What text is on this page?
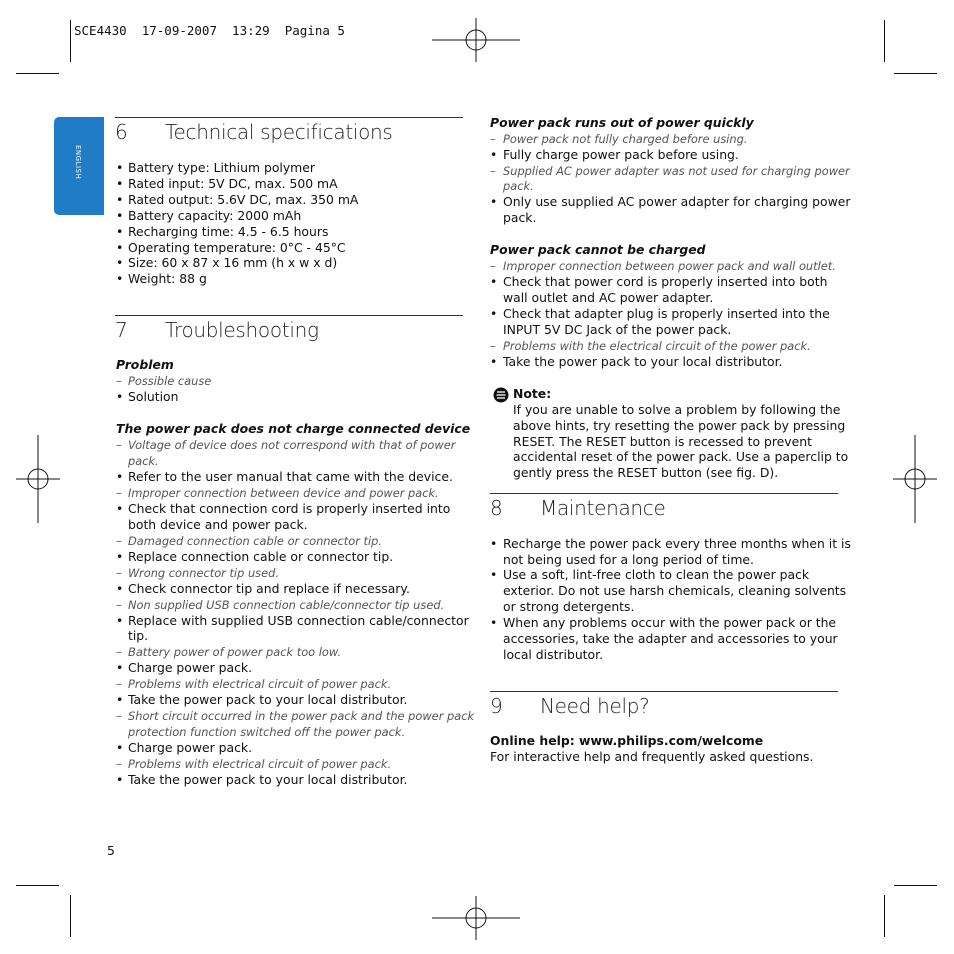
SCE4430  17-09-2007  13:29  Pagina 5
ENGLISH
5
6 Technical specifications
• Battery type: Lithium polymer
• Rated input: 5V DC, max. 500 mA
• Rated output: 5.6V DC, max. 350 mA
• Battery capacity: 2000 mAh
• Recharging time: 4.5 - 6.5 hours
• Operating temperature: 0°C - 45°C
• Size: 60 x 87 x 16 mm (h x w x d)
• Weight: 88 g
7 Troubleshooting
Problem
– Possible cause
• Solution
The power pack does not charge connected device
– Voltage of device does not correspond with that of power
pack.
• Refer to the user manual that came with the device.
– Improper connection between device and power pack.
• Check that connection cord is properly inserted into
both device and power pack.
– Damaged connection cable or connector tip.
• Replace connection cable or connector tip.
– Wrong connector tip used.
• Check connector tip and replace if necessary.
– Non supplied USB connection cable/connector tip used.
• Replace with supplied USB connection cable/connector
tip.
– Battery power of power pack too low.
• Charge power pack.
– Problems with electrical circuit of power pack.
• Take the power pack to your local distributor.
– Short circuit occurred in the power pack and the power pack
protection function switched off the power pack.
• Charge power pack.
– Problems with electrical circuit of power pack.
• Take the power pack to your local distributor.
Power pack runs out of power quickly
– Power pack not fully charged before using.
• Fully charge power pack before using.
– Supplied AC power adapter was not used for charging power
pack.
• Only use supplied AC power adapter for charging power
pack.
Power pack cannot be charged
– Improper connection between power pack and wall outlet.
• Check that power cord is properly inserted into both
wall outlet and AC power adapter.
• Check that adapter plug is properly inserted into the
INPUT 5V DC Jack of the power pack.
– Problems with the electrical circuit of the power pack.
• Take the power pack to your local distributor.
Note:
If you are unable to solve a problem by following the
above hints, try resetting the power pack by pressing
RESET. The RESET button is recessed to prevent
accidental reset of the power pack. Use a paperclip to
gently press the RESET button (see fig. D).
8 Maintenance
• Recharge the power pack every three months when it is
not being used for a long period of time.
• Use a soft, lint-free cloth to clean the power pack
exterior. Do not use harsh chemicals, cleaning solvents
or strong detergents.
• When any problems occur with the power pack or the
accessories, take the adapter and accessories to your
local distributor.
9 Need help?
Online help: www.philips.com/welcome
For interactive help and frequently asked questions.
